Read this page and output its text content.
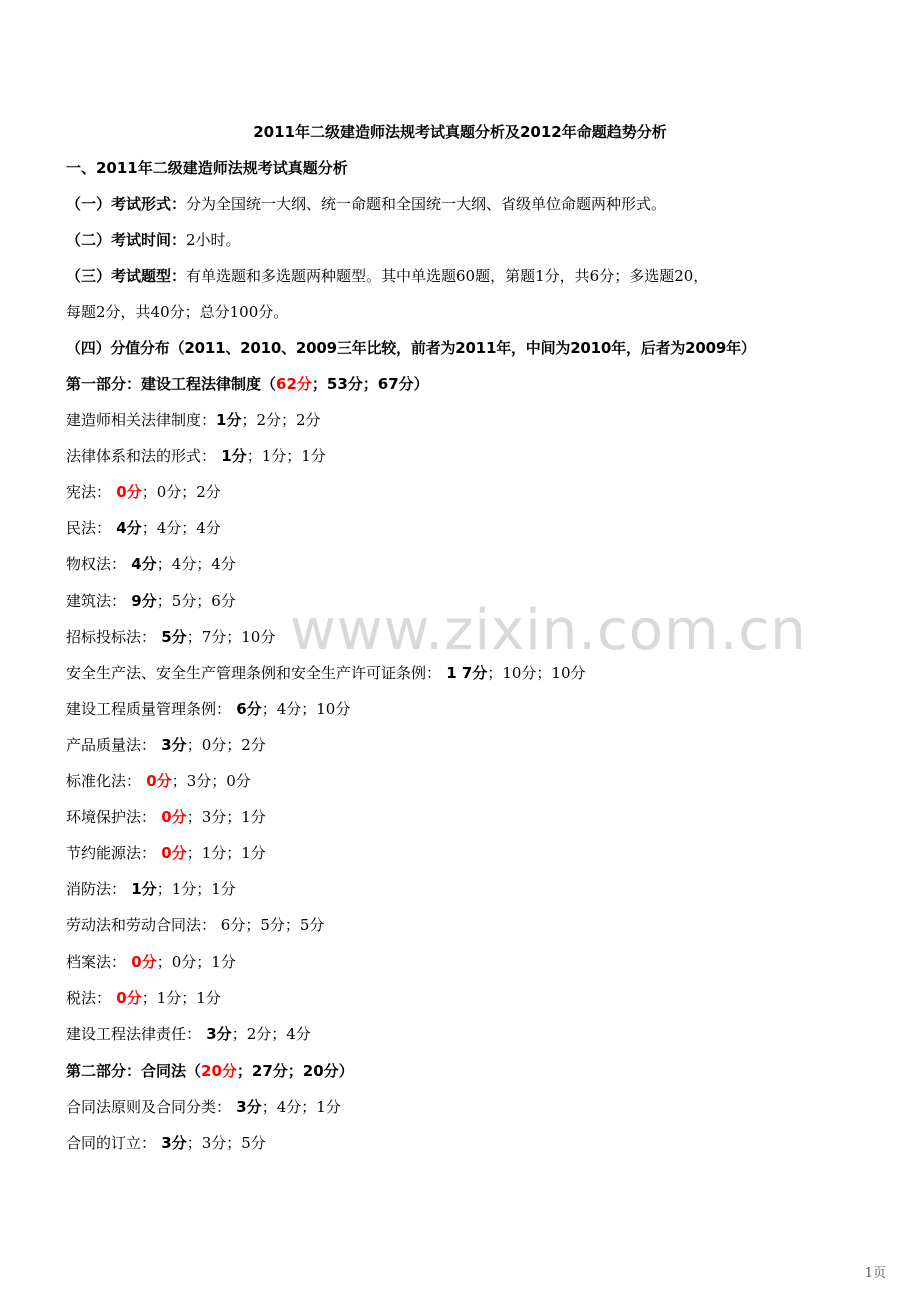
www.zixin.com.cn
2011年二级建造师法规考试真题分析及2012年命题趋势分析
一、2011年二级建造师法规考试真题分析
（一）考试形式：分为全国统一大纲、统一命题和全国统一大纲、省级单位命题两种形式。
（二）考试时间：2小时。
（三）考试题型：有单选题和多选题两种题型。其中单选题60题，第题1分，共6分；多选题20，
每题2分，共40分；总分100分。
（四）分值分布（2011、2010、2009三年比较，前者为2011年，中间为2010年，后者为2009年）
第一部分：建设工程法律制度（62分；53分；67分）
建造师相关法律制度：1分；2分；2分
法律体系和法的形式： 1分；1分；1分
宪法： 0分；0分；2分
民法： 4分；4分；4分
物权法： 4分；4分；4分
建筑法： 9分；5分；6分
招标投标法： 5分；7分；10分
安全生产法、安全生产管理条例和安全生产许可证条例： 1 7分；10分；10分
建设工程质量管理条例： 6分；4分；10分
产品质量法： 3分；0分；2分
标准化法： 0分；3分；0分
环境保护法： 0分；3分；1分
节约能源法： 0分；1分；1分
消防法： 1分；1分；1分
劳动法和劳动合同法： 6分；5分；5分
档案法： 0分；0分；1分
税法： 0分；1分；1分
建设工程法律责任： 3分；2分；4分
第二部分：合同法（20分；27分；20分）
合同法原则及合同分类： 3分；4分；1分
合同的订立： 3分；3分；5分
1页
